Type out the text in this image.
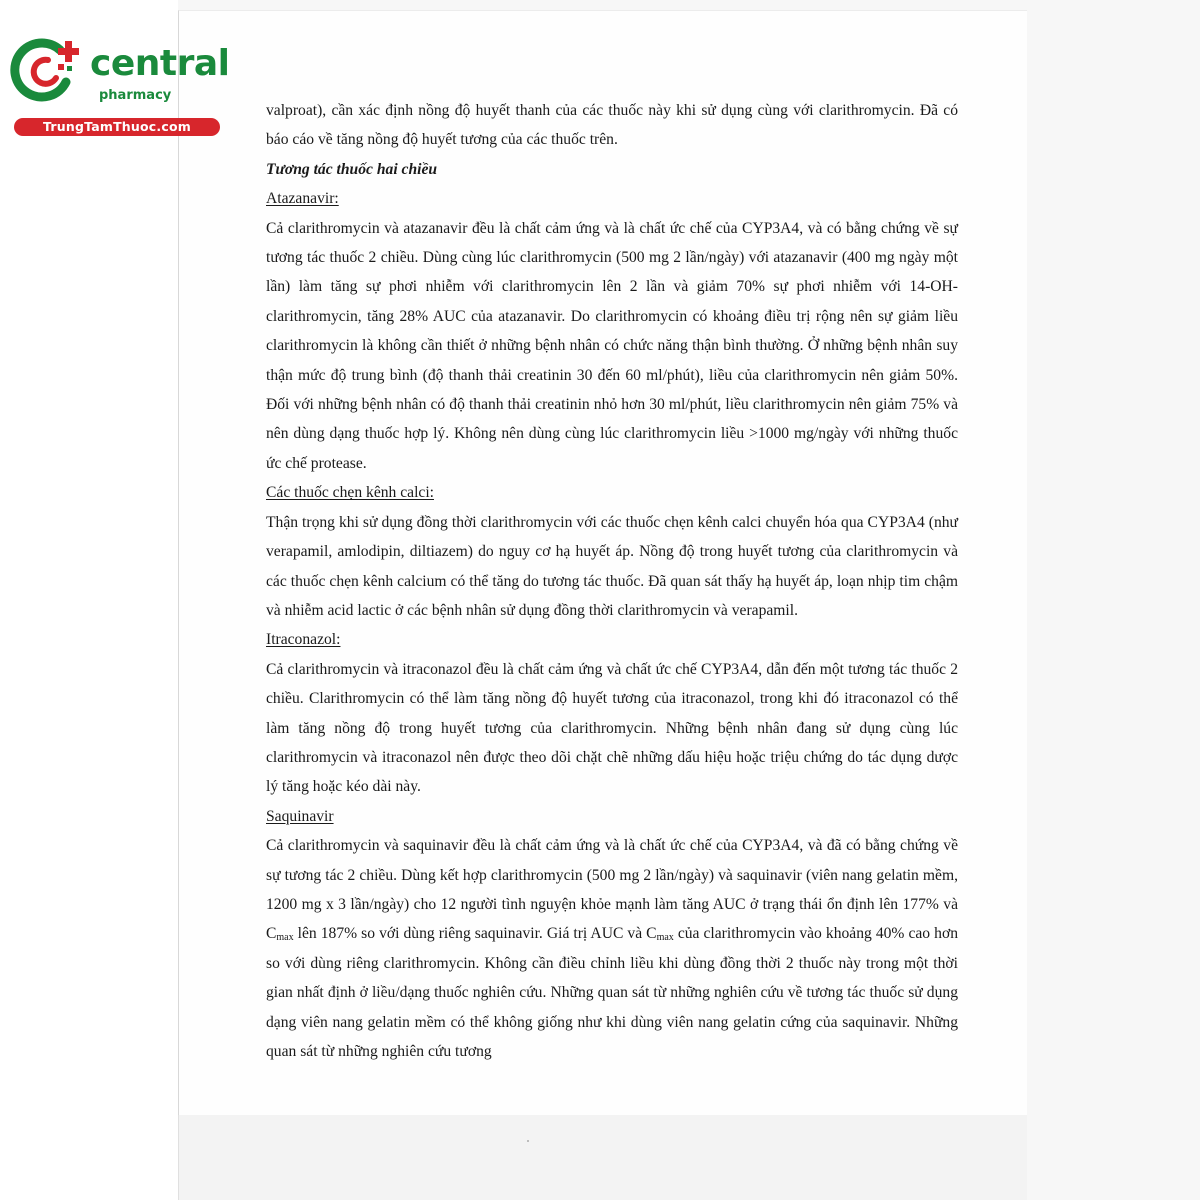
central
pharmacy
TrungTamThuoc.com

valproat), cần xác định nồng độ huyết thanh của các thuốc này khi sử dụng cùng với clarithromycin. Đã có báo cáo về tăng nồng độ huyết tương của các thuốc trên.

Tương tác thuốc hai chiều

Atazanavir:

Cả clarithromycin và atazanavir đều là chất cảm ứng và là chất ức chế của CYP3A4, và có bằng chứng về sự tương tác thuốc 2 chiều. Dùng cùng lúc clarithromycin (500 mg 2 lần/ngày) với atazanavir (400 mg ngày một lần) làm tăng sự phơi nhiễm với clarithromycin lên 2 lần và giảm 70% sự phơi nhiễm với 14-OH-clarithromycin, tăng 28% AUC của atazanavir. Do clarithromycin có khoảng điều trị rộng nên sự giảm liều clarithromycin là không cần thiết ở những bệnh nhân có chức năng thận bình thường. Ở những bệnh nhân suy thận mức độ trung bình (độ thanh thải creatinin 30 đến 60 ml/phút), liều của clarithromycin nên giảm 50%. Đối với những bệnh nhân có độ thanh thải creatinin nhỏ hơn 30 ml/phút, liều clarithromycin nên giảm 75% và nên dùng dạng thuốc hợp lý. Không nên dùng cùng lúc clarithromycin liều >1000 mg/ngày với những thuốc ức chế protease.

Các thuốc chẹn kênh calci:

Thận trọng khi sử dụng đồng thời clarithromycin với các thuốc chẹn kênh calci chuyển hóa qua CYP3A4 (như verapamil, amlodipin, diltiazem) do nguy cơ hạ huyết áp. Nồng độ trong huyết tương của clarithromycin và các thuốc chẹn kênh calcium có thể tăng do tương tác thuốc. Đã quan sát thấy hạ huyết áp, loạn nhịp tim chậm và nhiễm acid lactic ở các bệnh nhân sử dụng đồng thời clarithromycin và verapamil.

Itraconazol:

Cả clarithromycin và itraconazol đều là chất cảm ứng và chất ức chế CYP3A4, dẫn đến một tương tác thuốc 2 chiều. Clarithromycin có thể làm tăng nồng độ huyết tương của itraconazol, trong khi đó itraconazol có thể làm tăng nồng độ trong huyết tương của clarithromycin. Những bệnh nhân đang sử dụng cùng lúc clarithromycin và itraconazol nên được theo dõi chặt chẽ những dấu hiệu hoặc triệu chứng do tác dụng dược lý tăng hoặc kéo dài này.

Saquinavir

Cả clarithromycin và saquinavir đều là chất cảm ứng và là chất ức chế của CYP3A4, và đã có bằng chứng về sự tương tác 2 chiều. Dùng kết hợp clarithromycin (500 mg 2 lần/ngày) và saquinavir (viên nang gelatin mềm, 1200 mg x 3 lần/ngày) cho 12 người tình nguyện khỏe mạnh làm tăng AUC ở trạng thái ổn định lên 177% và $C_{max}$ lên 187% so với dùng riêng saquinavir. Giá trị AUC và $C_{max}$ của clarithromycin vào khoảng 40% cao hơn so với dùng riêng clarithromycin. Không cần điều chỉnh liều khi dùng đồng thời 2 thuốc này trong một thời gian nhất định ở liều/dạng thuốc nghiên cứu. Những quan sát từ những nghiên cứu về tương tác thuốc sử dụng dạng viên nang gelatin mềm có thể không giống như khi dùng viên nang gelatin cứng của saquinavir. Những quan sát từ những nghiên cứu tương
